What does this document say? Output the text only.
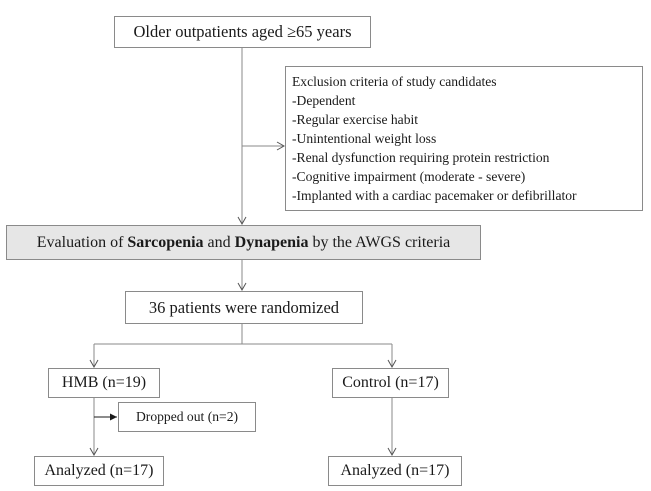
Older outpatients aged ≥65 years
Exclusion criteria of study candidates
-Dependent
-Regular exercise habit
-Unintentional weight loss
-Renal dysfunction requiring protein restriction
-Cognitive impairment (moderate - severe)
-Implanted with a cardiac pacemaker or defibrillator
Evaluation of Sarcopenia and Dynapenia by the AWGS criteria
36 patients were randomized
HMB (n=19)	Control (n=17)
Dropped out (n=2)
Analyzed (n=17)	Analyzed (n=17)
